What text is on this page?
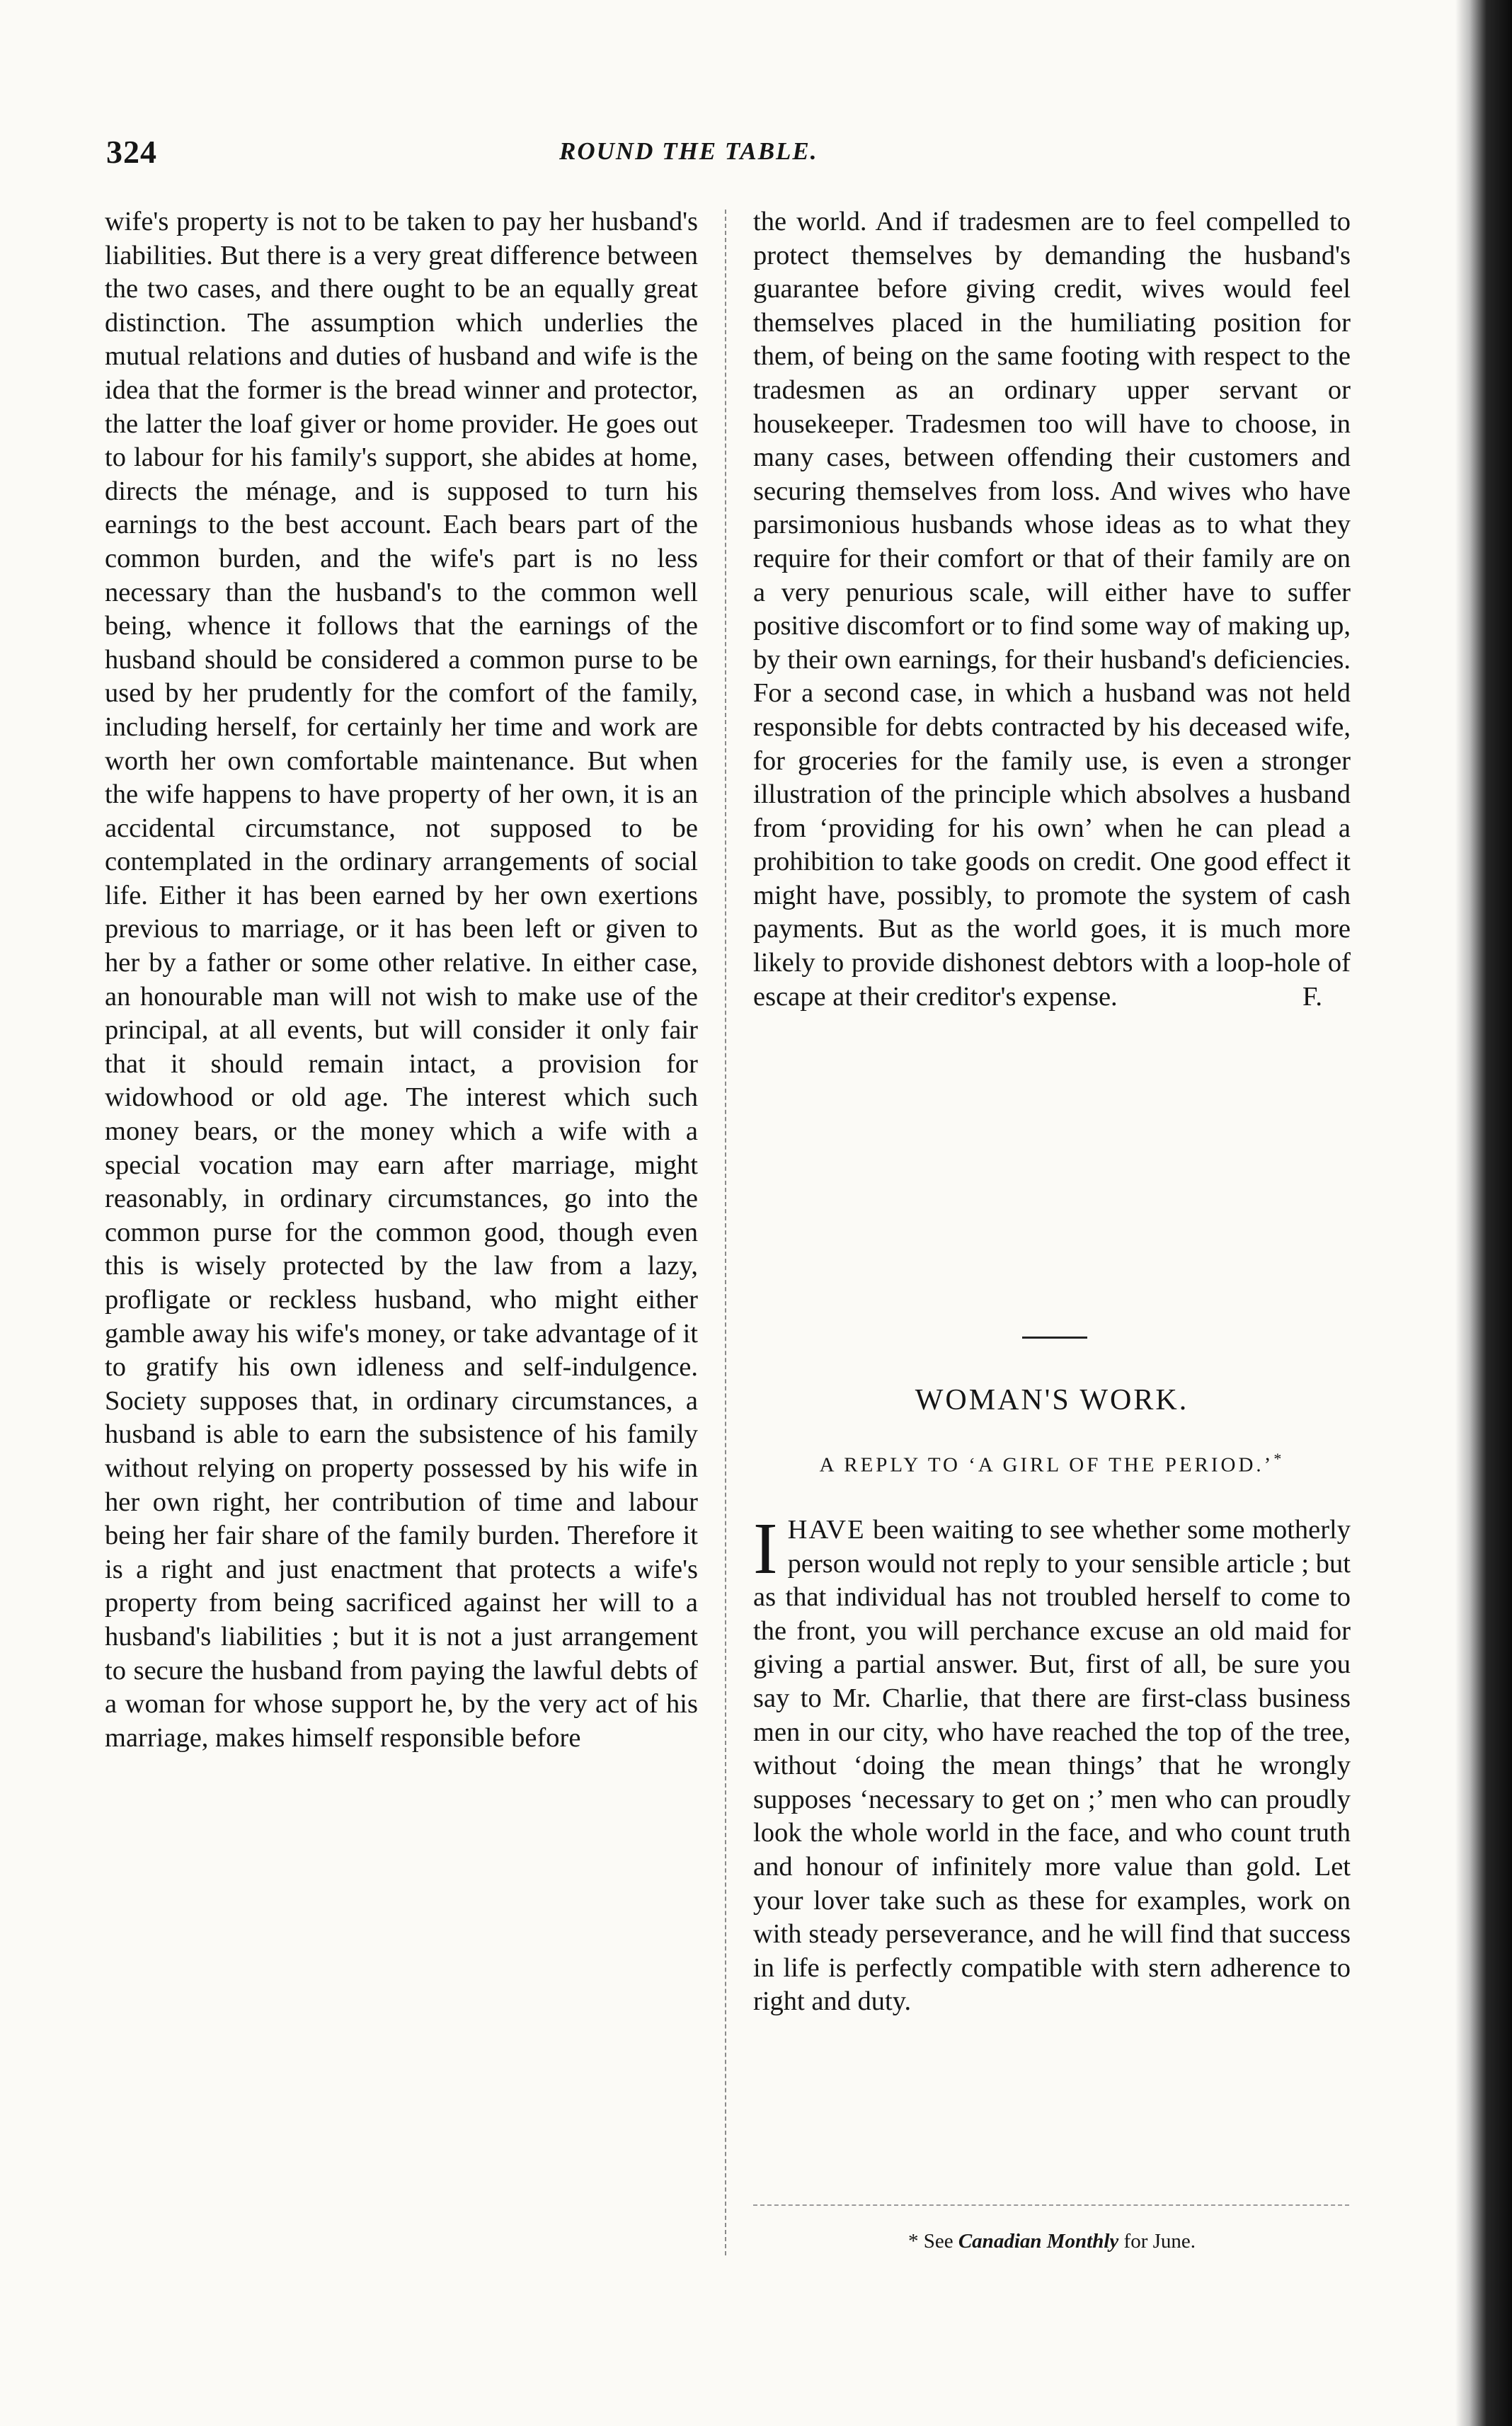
324	ROUND THE TABLE.

wife's property is not to be taken to pay her husband's liabilities. But there is a very great difference between the two cases, and there ought to be an equally great distinction. The assumption which underlies the mutual relations and duties of husband and wife is the idea that the former is the bread winner and protector, the latter the loaf giver or home provider. He goes out to labour for his family's support, she abides at home, directs the ménage, and is supposed to turn his earnings to the best account. Each bears part of the common burden, and the wife's part is no less necessary than the husband's to the common well being, whence it follows that the earnings of the husband should be considered a common purse to be used by her prudently for the comfort of the family, including herself, for certainly her time and work are worth her own comfortable maintenance. But when the wife happens to have property of her own, it is an accidental circumstance, not supposed to be contemplated in the ordinary arrangements of social life. Either it has been earned by her own exertions previous to marriage, or it has been left or given to her by a father or some other relative. In either case, an honourable man will not wish to make use of the principal, at all events, but will consider it only fair that it should remain intact, a provision for widowhood or old age. The interest which such money bears, or the money which a wife with a special vocation may earn after marriage, might reasonably, in ordinary circumstances, go into the common purse for the common good, though even this is wisely protected by the law from a lazy, profligate or reckless husband, who might either gamble away his wife's money, or take advantage of it to gratify his own idleness and self-indulgence. Society supposes that, in ordinary circumstances, a husband is able to earn the subsistence of his family without relying on property possessed by his wife in her own right, her contribution of time and labour being her fair share of the family burden. Therefore it is a right and just enactment that protects a wife's property from being sacrificed against her will to a husband's liabilities ; but it is not a just arrangement to secure the husband from paying the lawful debts of a woman for whose support he, by the very act of his marriage, makes himself responsible before

the world. And if tradesmen are to feel compelled to protect themselves by demanding the husband's guarantee before giving credit, wives would feel themselves placed in the humiliating position for them, of being on the same footing with respect to the tradesmen as an ordinary upper servant or housekeeper. Tradesmen too will have to choose, in many cases, between offending their customers and securing themselves from loss. And wives who have parsimonious husbands whose ideas as to what they require for their comfort or that of their family are on a very penurious scale, will either have to suffer positive discomfort or to find some way of making up, by their own earnings, for their husband's deficiencies. For a second case, in which a husband was not held responsible for debts contracted by his deceased wife, for groceries for the family use, is even a stronger illustration of the principle which absolves a husband from ‘providing for his own’ when he can plead a prohibition to take goods on credit. One good effect it might have, possibly, to promote the system of cash payments. But as the world goes, it is much more likely to provide dishonest debtors with a loop-hole of escape at their creditor's expense.	F.

WOMAN'S WORK.
A REPLY TO ‘A GIRL OF THE PERIOD.’*

IHAVE been waiting to see whether some motherly person would not reply to your sensible article ; but as that individual has not troubled herself to come to the front, you will perchance excuse an old maid for giving a partial answer. But, first of all, be sure you say to Mr. Charlie, that there are first-class business men in our city, who have reached the top of the tree, without ‘doing the mean things’ that he wrongly supposes ‘necessary to get on ;’ men who can proudly look the whole world in the face, and who count truth and honour of infinitely more value than gold. Let your lover take such as these for examples, work on with steady perseverance, and he will find that success in life is perfectly compatible with stern adherence to right and duty.

* See Canadian Monthly for June.
